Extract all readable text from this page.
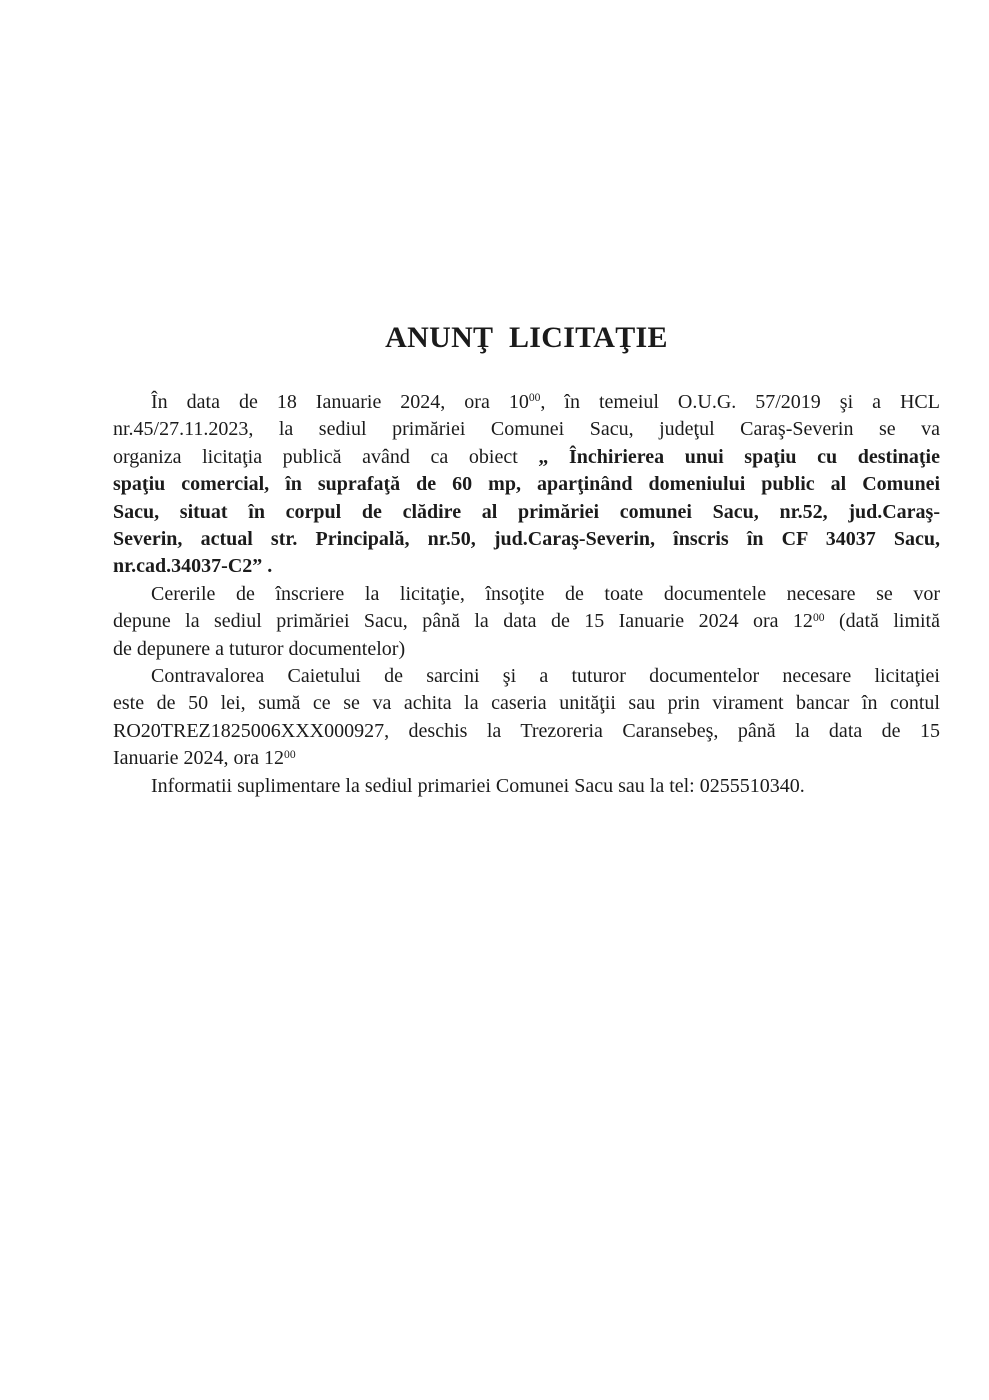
ANUNŢ  LICITAŢIE

În data de 18 Ianuarie 2024, ora $10^{00}$, în temeiul O.U.G. 57/2019 şi a HCL
nr.45/27.11.2023, la sediul primăriei Comunei Sacu, judeţul Caraş-Severin se va
organiza licitaţia publică având ca obiect „ Închirierea unui spaţiu cu destinaţie
spaţiu comercial, în suprafaţă de 60 mp, aparţinând domeniului public al Comunei
Sacu, situat în corpul de clădire al primăriei comunei Sacu, nr.52, jud.Caraş-
Severin, actual str. Principală, nr.50, jud.Caraş-Severin, înscris în CF 34037 Sacu,
nr.cad.34037-C2” .

Cererile de înscriere la licitaţie, însoţite de toate documentele necesare se vor
depune la sediul primăriei Sacu, până la data de 15 Ianuarie 2024 ora $12^{00}$ (dată limită
de depunere a tuturor documentelor)

Contravalorea Caietului de sarcini şi a tuturor documentelor necesare licitaţiei
este de 50 lei, sumă ce se va achita la caseria unităţii sau prin virament bancar în contul
RO20TREZ1825006XXX000927, deschis la Trezoreria Caransebeş, până la data de 15
Ianuarie 2024, ora $12^{00}$

Informatii suplimentare la sediul primariei Comunei Sacu sau la tel: 0255510340.
